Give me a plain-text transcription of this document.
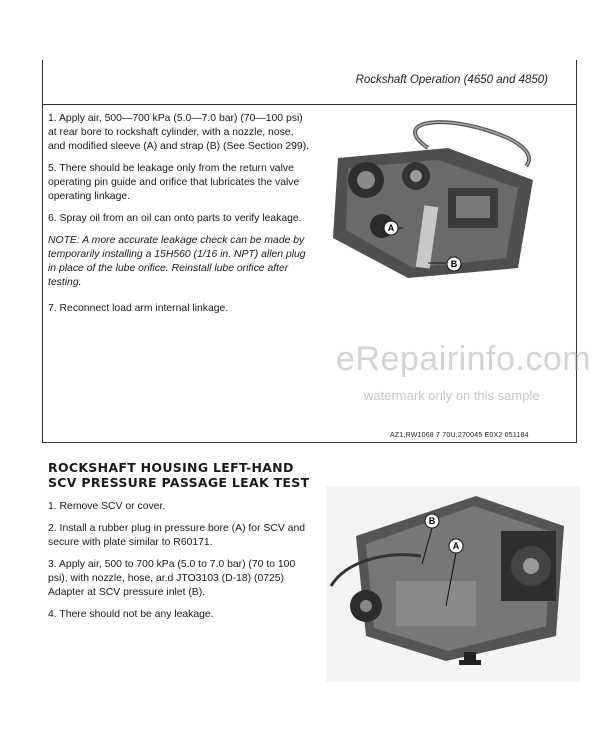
Rockshaft Operation (4650 and 4850)

1. Apply air, 500—700 kPa (5.0—7.0 bar) (70—100 psi) at rear bore to rockshaft cylinder, with a nozzle, nose, and modified sleeve (A) and strap (B) (See Section 299).

5. There should be leakage only from the return valve operating pin guide and orifice that lubricates the valve operating linkage.

6. Spray oil from an oil can onto parts to verify leakage.

NOTE: A more accurate leakage check can be made by temporarily installing a 15H560 (1/16 in. NPT) allen plug in place of the lube orifice. Reinstall lube orifice after testing.

7. Reconnect load arm internal linkage.

A
B
eRepairinfo.com
watermark only on this sample
AZ1,RW1068 7 70U,270045 E0X2 051184
ROCKSHAFT HOUSING LEFT-HAND SCV PRESSURE PASSAGE LEAK TEST

1. Remove SCV or cover.

2. Install a rubber plug in pressure bore (A) for SCV and secure with plate similar to R60171.

3. Apply air, 500 to 700 kPa (5.0 to 7.0 bar) (70 to 100 psi), with nozzle, hose, ar.d JTO3103 (D-18) (0725) Adapter at SCV pressure inlet (B).

4. There should not be any leakage.

B
A
